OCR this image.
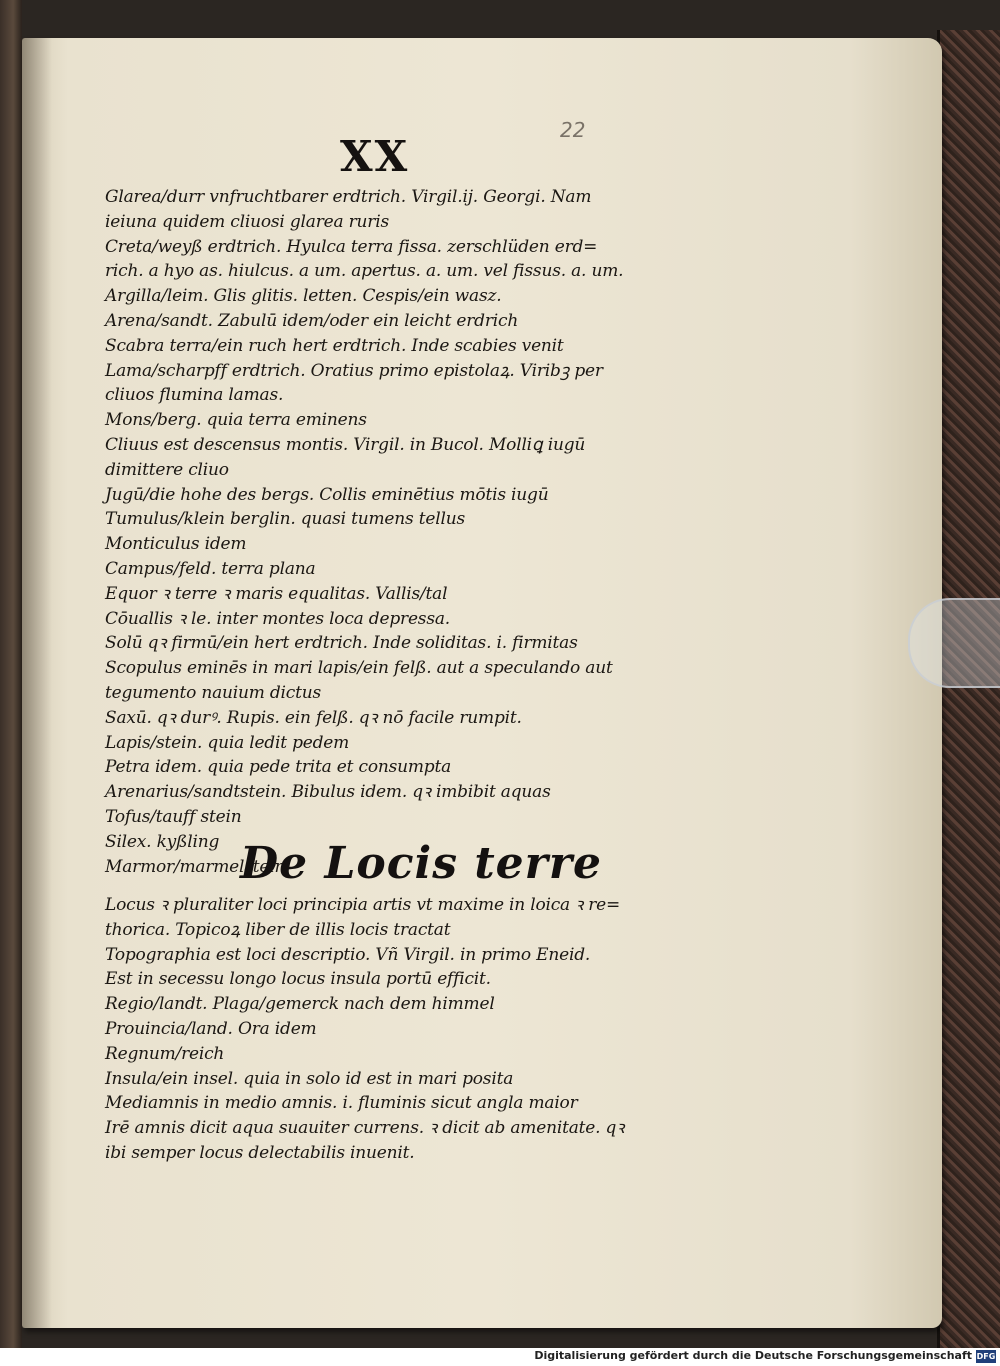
XX
22
Glarea/durr vnfruchtbarer erdtrich. Virgil.ij. Georgi. Nam
ieiuna quidem cliuosi glarea ruris
Creta/weyß erdtrich. Hyulca terra fissa. zerschlüden erd=
rich. a hyo as. hiulcus. a um. apertus. a. um. vel fissus. a. um.
Argilla/leim. Glis glitis. letten. Cespis/ein wasz.
Arena/sandt. Zabulū idem/oder ein leicht erdrich
Scabra terra/ein ruch hert erdtrich. Inde scabies venit
Lama/scharpff erdtrich. Oratius primo epistolaꝝ. Viribꝫ per
cliuos flumina lamas.
Mons/berg. quia terra eminens
Cliuus est descensus montis. Virgil. in Bucol. Molliꝗ iugū
dimittere cliuo
Jugū/die hohe des bergs. Collis eminētius mōtis iugū
Tumulus/klein berglin. quasi tumens tellus
Monticulus idem
Campus/feld. terra plana
Equor ꝛ terre ꝛ maris equalitas. Vallis/tal
Cōuallis ꝛ le. inter montes loca depressa.
Solū qꝛ firmū/ein hert erdtrich. Inde soliditas. i. firmitas
Scopulus eminēs in mari lapis/ein felß. aut a speculando aut
tegumento nauium dictus
Saxū. qꝛ durꝰ. Rupis. ein felß. qꝛ nō facile rumpit.
Lapis/stein. quia ledit pedem
Petra idem. quia pede trita et consumpta
Arenarius/sandtstein. Bibulus idem. qꝛ imbibit aquas
Tofus/tauff stein
Silex. kyßling
Marmor/marmelstein
De Locis terre
Locus ꝛ pluraliter loci principia artis vt maxime in loica ꝛ re=
thorica. Topicoꝝ liber de illis locis tractat
Topographia est loci descriptio. Vñ Virgil. in primo Eneid.
Est in secessu longo locus insula portū efficit.
Regio/landt. Plaga/gemerck nach dem himmel
Prouincia/land. Ora idem
Regnum/reich
Insula/ein insel. quia in solo id est in mari posita
Mediamnis in medio amnis. i. fluminis sicut angla maior
Irē amnis dicit aqua suauiter currens. ꝛ dicit ab amenitate. qꝛ
ibi semper locus delectabilis inuenit.
Digitalisierung gefördert durch die Deutsche Forschungsgemeinschaft DFG
